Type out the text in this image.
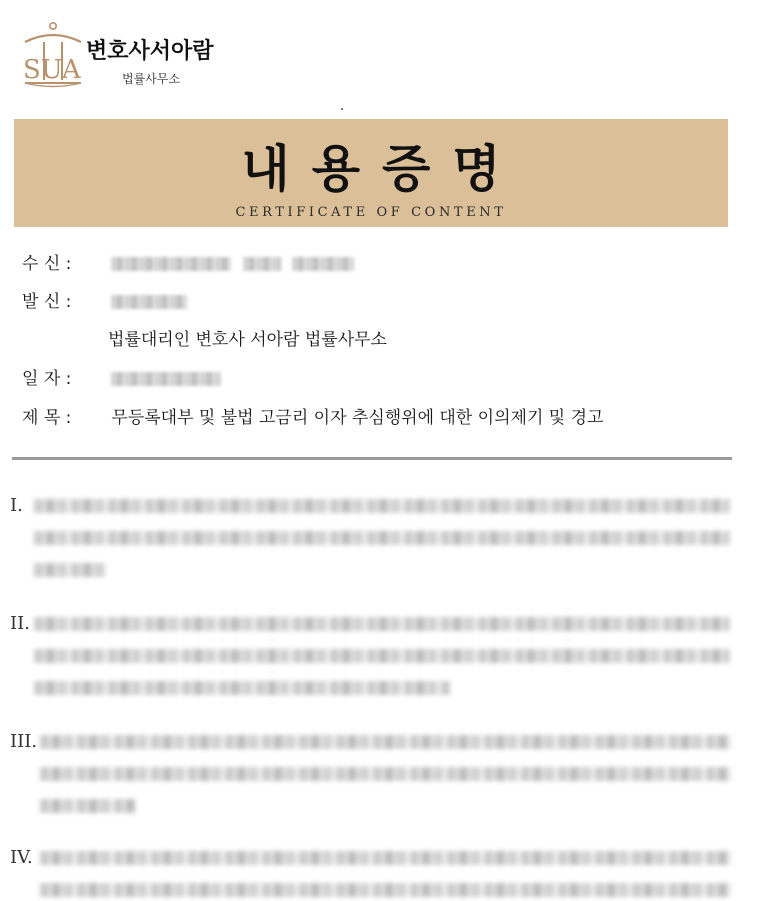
SUA
변호사서아람
법률사무소
내용증명
CERTIFICATE OF CONTENT
수 신 :
발 신 :
법률대리인 변호사 서아람 법률사무소
일 자 :
제 목 : 무등록대부 및 불법 고금리 이자 추심행위에 대한 이의제기 및 경고
I.
II.
III.
IV.
